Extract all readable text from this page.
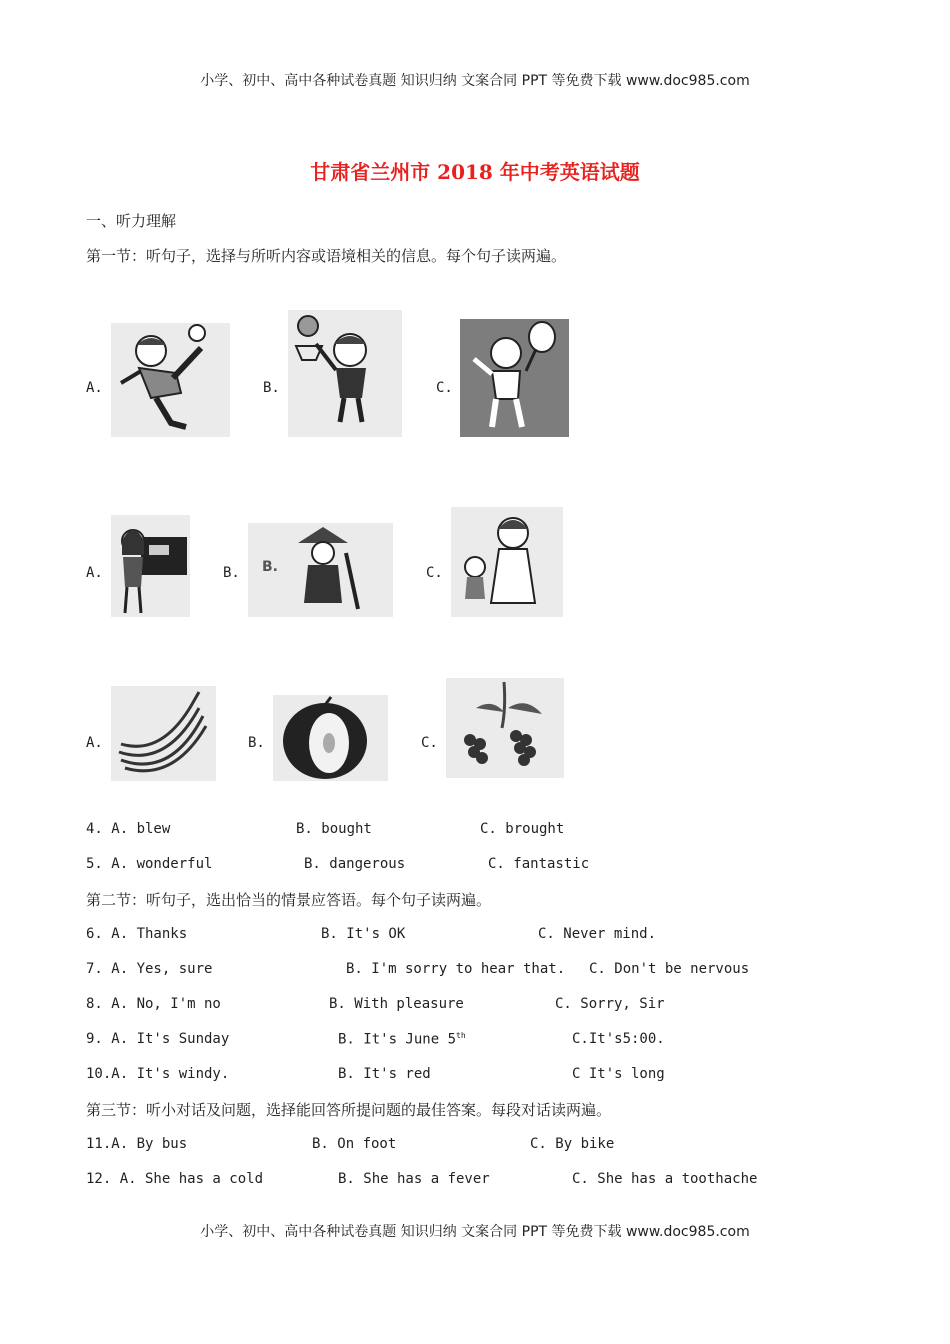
小学、初中、高中各种试卷真题 知识归纳 文案合同 PPT 等免费下载 www.doc985.com
甘肃省兰州市 2018 年中考英语试题
一、听力理解
第一节：听句子，选择与所听内容或语境相关的信息。每个句子读两遍。
A.	B.	C.
A.	B. B.	C.
A.	B.	C.
4. A. blew	B. bought	C. brought
5. A. wonderful	B. dangerous	C. fantastic
第二节：听句子，选出恰当的情景应答语。每个句子读两遍。
6. A. Thanks	B. It's OK	C. Never mind.
7. A. Yes, sure	B. I'm sorry to hear that. C. Don't be nervous
8. A. No, I'm no	B. With pleasure	C. Sorry, Sir
9. A. It's Sunday	B. It's June 5th	C.It's5:00.
10.A. It's windy.	B. It's red	C It's long
第三节：听小对话及问题，选择能回答所提问题的最佳答案。每段对话读两遍。
11.A. By bus	B. On foot	C. By bike
12. A. She has a cold	B. She has a fever	C. She has a toothache
小学、初中、高中各种试卷真题 知识归纳 文案合同 PPT 等免费下载 www.doc985.com
